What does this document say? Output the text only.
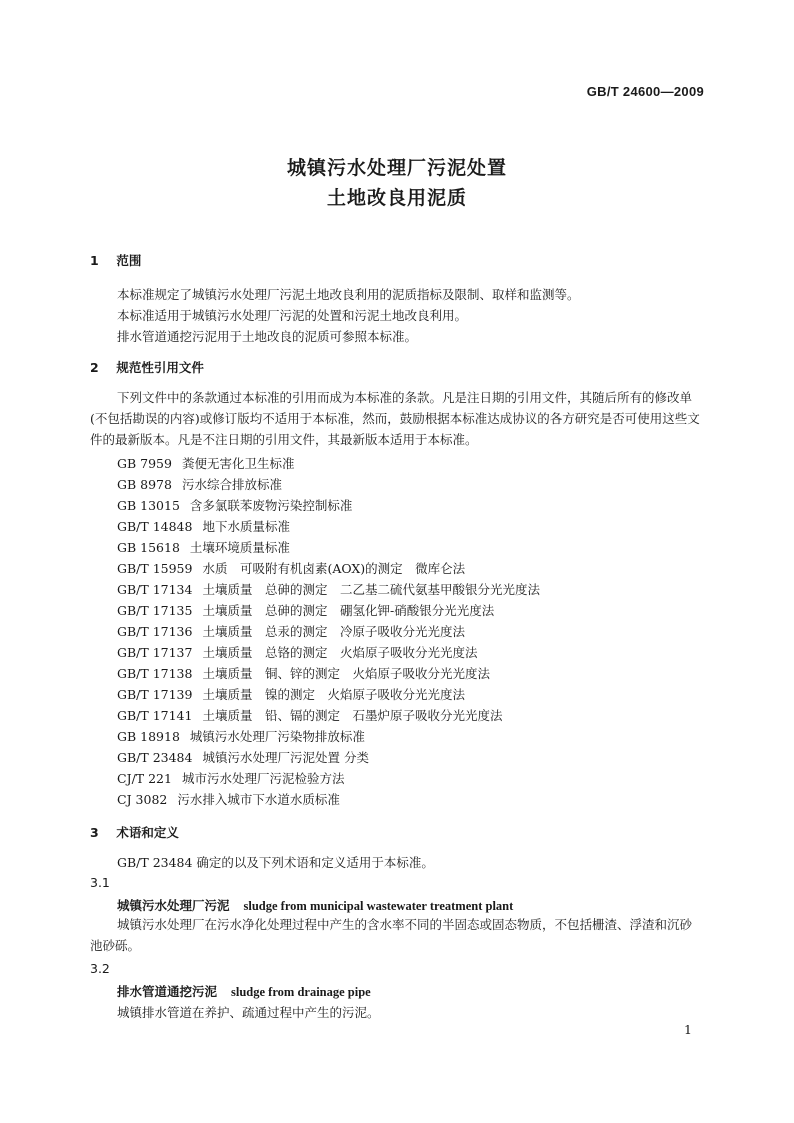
GB/T 24600—2009
城镇污水处理厂污泥处置
土地改良用泥质
1 范围
本标准规定了城镇污水处理厂污泥土地改良利用的泥质指标及限制、取样和监测等。
本标准适用于城镇污水处理厂污泥的处置和污泥土地改良利用。
排水管道通挖污泥用于土地改良的泥质可参照本标准。
2 规范性引用文件
下列文件中的条款通过本标准的引用而成为本标准的条款。凡是注日期的引用文件，其随后所有的修改单(不包括勘误的内容)或修订版均不适用于本标准，然而，鼓励根据本标准达成协议的各方研究是否可使用这些文件的最新版本。凡是不注日期的引用文件，其最新版本适用于本标准。
GB 7959 粪便无害化卫生标准
GB 8978 污水综合排放标准
GB 13015 含多氯联苯废物污染控制标准
GB/T 14848 地下水质量标准
GB 15618 土壤环境质量标准
GB/T 15959 水质　可吸附有机卤素(AOX)的测定　微库仑法
GB/T 17134 土壤质量　总砷的测定　二乙基二硫代氨基甲酸银分光光度法
GB/T 17135 土壤质量　总砷的测定　硼氢化钾-硝酸银分光光度法
GB/T 17136 土壤质量　总汞的测定　冷原子吸收分光光度法
GB/T 17137 土壤质量　总铬的测定　火焰原子吸收分光光度法
GB/T 17138 土壤质量　铜、锌的测定　火焰原子吸收分光光度法
GB/T 17139 土壤质量　镍的测定　火焰原子吸收分光光度法
GB/T 17141 土壤质量　铅、镉的测定　石墨炉原子吸收分光光度法
GB 18918 城镇污水处理厂污染物排放标准
GB/T 23484 城镇污水处理厂污泥处置 分类
CJ/T 221 城市污水处理厂污泥检验方法
CJ 3082 污水排入城市下水道水质标准
3 术语和定义
GB/T 23484 确定的以及下列术语和定义适用于本标准。
3.1
城镇污水处理厂污泥 sludge from municipal wastewater treatment plant
城镇污水处理厂在污水净化处理过程中产生的含水率不同的半固态或固态物质，不包括栅渣、浮渣和沉砂池砂砾。
3.2
排水管道通挖污泥 sludge from drainage pipe
城镇排水管道在养护、疏通过程中产生的污泥。
1
